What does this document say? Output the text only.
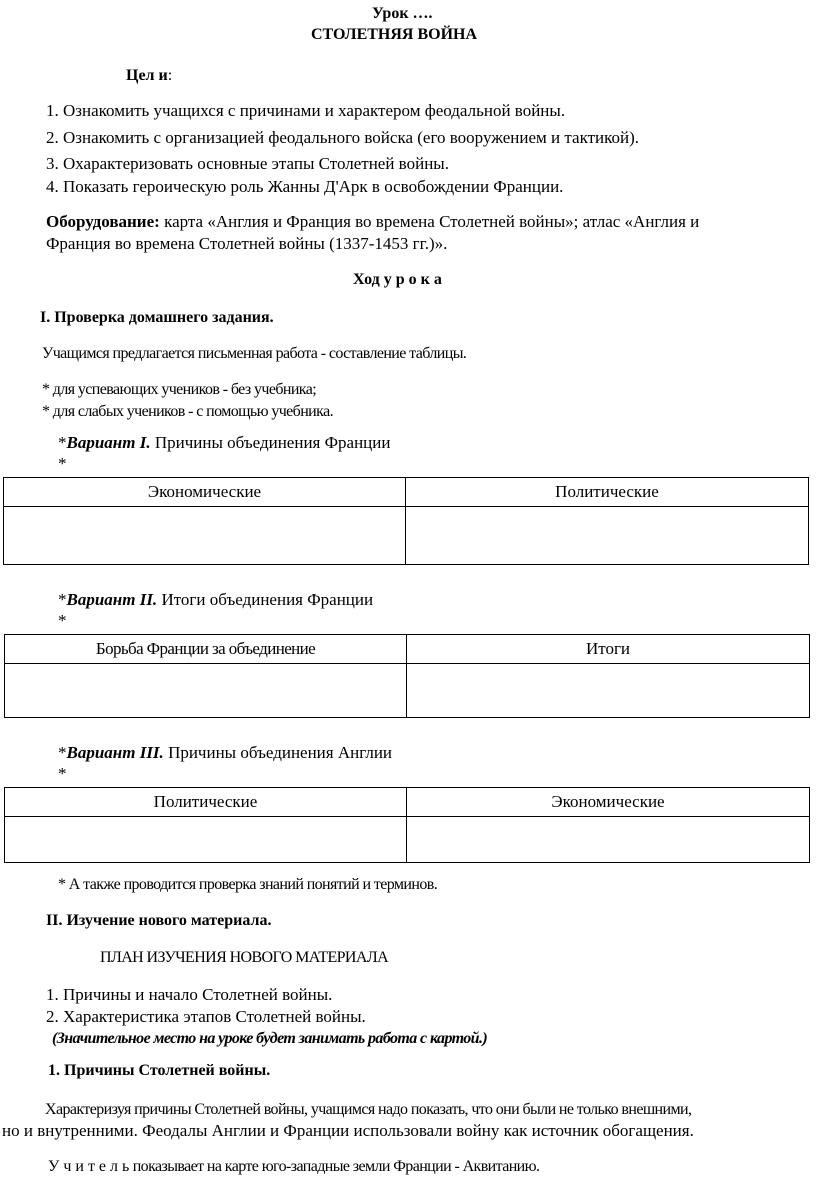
Урок ….
СТОЛЕТНЯЯ ВОЙНА
Цел и:
1. Ознакомить учащихся с причинами и характером феодальной войны.
2. Ознакомить с организацией феодального войска (его вооружением и тактикой).
3. Охарактеризовать основные этапы Столетней войны.
4. Показать героическую роль Жанны Д'Арк в освобождении Франции.
Оборудование: карта «Англия и Франция во времена Столетней войны»; атлас «Англия и
Франция во времена Столетней войны (1337-1453 гг.)».
Ход у р о к а
I. Проверка домашнего задания.
Учащимся предлагается письменная работа - составление таблицы.
* для успевающих учеников - без учебника;
* для слабых учеников - с помощью учебника.
*Вариант I. Причины объединения Франции
*
Экономические	Политические

*Вариант II. Итоги объединения Франции
*
Борьба Франции за объединение	Итоги

*Вариант III. Причины объединения Англии
*
Политические	Экономические

* А также проводится проверка знаний понятий и терминов.
II. Изучение нового материала.
ПЛАН ИЗУЧЕНИЯ НОВОГО МАТЕРИАЛА
1. Причины и начало Столетней войны.
2. Характеристика этапов Столетней войны.
(Значительное место на уроке будет занимать работа с картой.)
1. Причины Столетней войны.
Характеризуя причины Столетней войны, учащимся надо показать, что они были не только внешними,
но и внутренними. Феодалы Англии и Франции использовали войну как источник обогащения.
У ч и т е л ь показывает на карте юго-западные земли Франции - Аквитанию.
